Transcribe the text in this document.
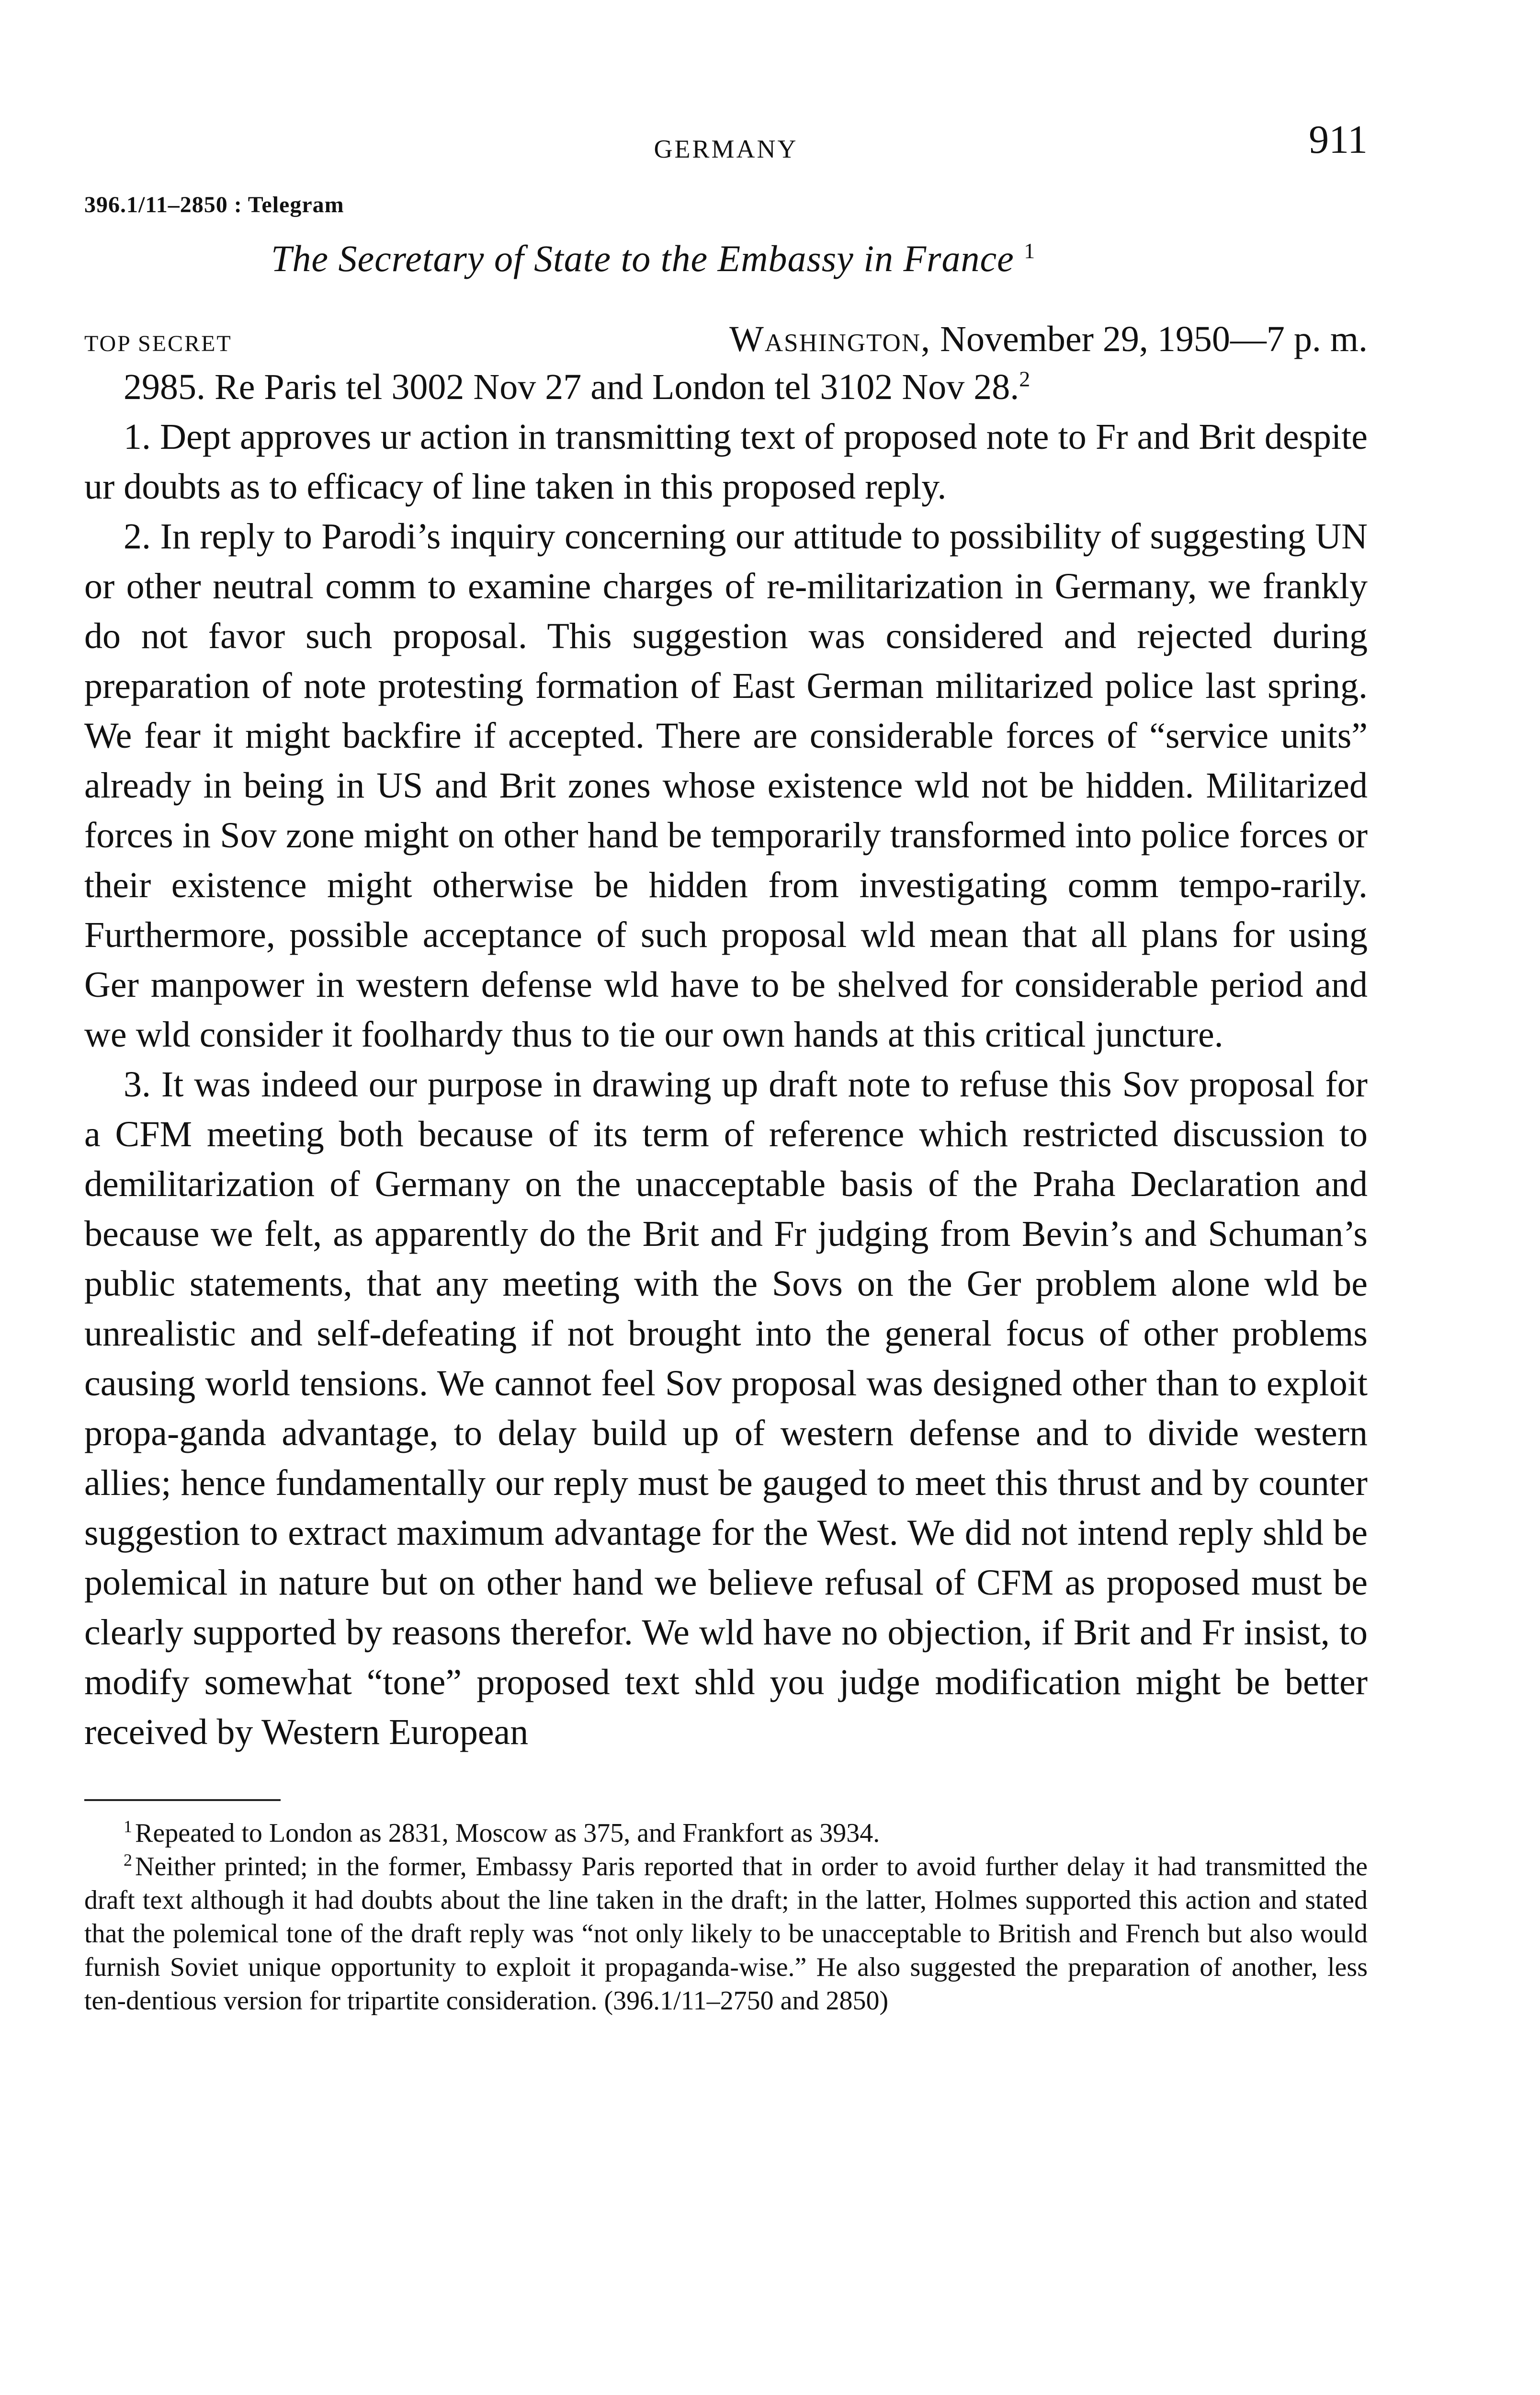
GERMANY	911
396.1/11–2850 : Telegram
The Secretary of State to the Embassy in France $^1$
TOP SECRET	Washington, November 29, 1950—7 p. m.

2985. Re Paris tel 3002 Nov 27 and London tel 3102 Nov 28.$^2$

1. Dept approves ur action in transmitting text of proposed note to Fr and Brit despite ur doubts as to efficacy of line taken in this proposed reply.

2. In reply to Parodi’s inquiry concerning our attitude to possibility of suggesting UN or other neutral comm to examine charges of re-militarization in Germany, we frankly do not favor such proposal. This suggestion was considered and rejected during preparation of note protesting formation of East German militarized police last spring. We fear it might backfire if accepted. There are considerable forces of “service units” already in being in US and Brit zones whose existence wld not be hidden. Militarized forces in Sov zone might on other hand be temporarily transformed into police forces or their existence might otherwise be hidden from investigating comm tempo-rarily. Furthermore, possible acceptance of such proposal wld mean that all plans for using Ger manpower in western defense wld have to be shelved for considerable period and we wld consider it foolhardy thus to tie our own hands at this critical juncture.

3. It was indeed our purpose in drawing up draft note to refuse this Sov proposal for a CFM meeting both because of its term of reference which restricted discussion to demilitarization of Germany on the unacceptable basis of the Praha Declaration and because we felt, as apparently do the Brit and Fr judging from Bevin’s and Schuman’s public statements, that any meeting with the Sovs on the Ger problem alone wld be unrealistic and self-defeating if not brought into the general focus of other problems causing world tensions. We cannot feel Sov proposal was designed other than to exploit propa-ganda advantage, to delay build up of western defense and to divide western allies; hence fundamentally our reply must be gauged to meet this thrust and by counter suggestion to extract maximum advantage for the West. We did not intend reply shld be polemical in nature but on other hand we believe refusal of CFM as proposed must be clearly supported by reasons therefor. We wld have no objection, if Brit and Fr insist, to modify somewhat “tone” proposed text shld you judge modification might be better received by Western European

$^1$ Repeated to London as 2831, Moscow as 375, and Frankfort as 3934.

$^2$ Neither printed; in the former, Embassy Paris reported that in order to avoid further delay it had transmitted the draft text although it had doubts about the line taken in the draft; in the latter, Holmes supported this action and stated that the polemical tone of the draft reply was “not only likely to be unacceptable to British and French but also would furnish Soviet unique opportunity to exploit it propaganda-wise.” He also suggested the preparation of another, less ten-dentious version for tripartite consideration. (396.1/11–2750 and 2850)
